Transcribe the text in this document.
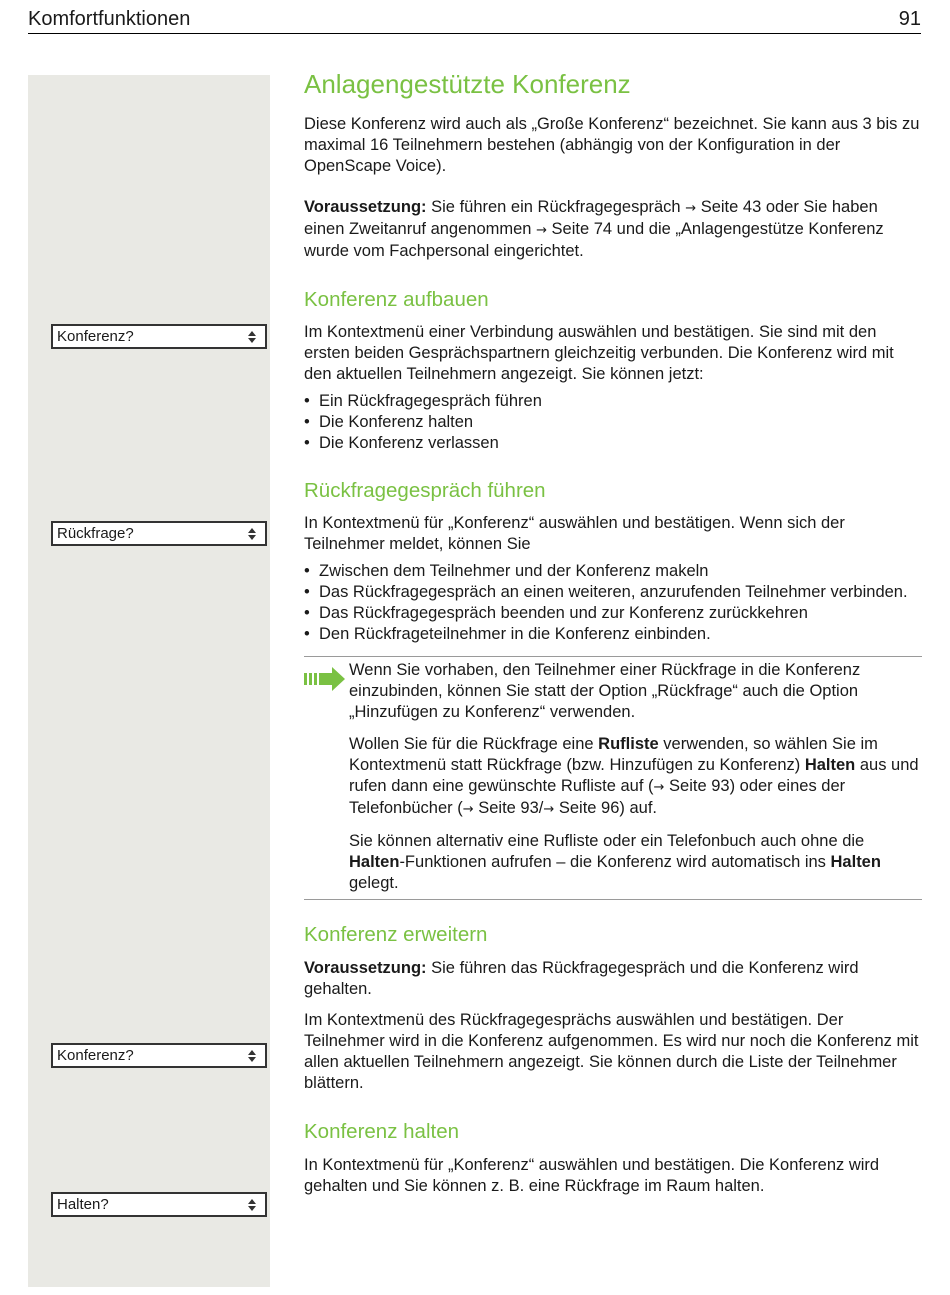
Komfortfunktionen	91
Konferenz?
Rückfrage?
Konferenz?
Halten?
Anlagengestützte Konferenz

Diese Konferenz wird auch als „Große Konferenz“ bezeichnet. Sie kann aus 3 bis zu maximal 16 Teilnehmern bestehen (abhängig von der Konfiguration in der OpenScape Voice).

Voraussetzung: Sie führen ein Rückfragegespräch → Seite 43 oder Sie haben einen Zweitanruf angenommen → Seite 74 und die „Anlagengestütze Konferenz wurde vom Fachpersonal eingerichtet.

Konferenz aufbauen

Im Kontextmenü einer Verbindung auswählen und bestätigen. Sie sind mit den ersten beiden Gesprächspartnern gleichzeitig verbunden. Die Konferenz wird mit den aktuellen Teilnehmern angezeigt. Sie können jetzt:

• Ein Rückfragegespräch führen
• Die Konferenz halten
• Die Konferenz verlassen
Rückfragegespräch führen

In Kontextmenü für „Konferenz“ auswählen und bestätigen. Wenn sich der Teilnehmer meldet, können Sie

• Zwischen dem Teilnehmer und der Konferenz makeln
• Das Rückfragegespräch an einen weiteren, anzurufenden Teilnehmer verbinden.
• Das Rückfragegespräch beenden und zur Konferenz zurückkehren
• Den Rückfrageteilnehmer in die Konferenz einbinden.

Wenn Sie vorhaben, den Teilnehmer einer Rückfrage in die Konferenz einzubinden, können Sie statt der Option „Rückfrage“ auch die Option „Hinzufügen zu Konferenz“ verwenden.

Wollen Sie für die Rückfrage eine Rufliste verwenden, so wählen Sie im Kontextmenü statt Rückfrage (bzw. Hinzufügen zu Konferenz) Halten aus und rufen dann eine gewünschte Rufliste auf (→ Seite 93) oder eines der Telefonbücher (→ Seite 93/→ Seite 96) auf.

Sie können alternativ eine Rufliste oder ein Telefonbuch auch ohne die Halten-Funktionen aufrufen – die Konferenz wird automatisch ins Halten gelegt.

Konferenz erweitern

Voraussetzung: Sie führen das Rückfragegespräch und die Konferenz wird gehalten.

Im Kontextmenü des Rückfragegesprächs auswählen und bestätigen. Der Teilnehmer wird in die Konferenz aufgenommen. Es wird nur noch die Konferenz mit allen aktuellen Teilnehmern angezeigt. Sie können durch die Liste der Teilnehmer blättern.

Konferenz halten

In Kontextmenü für „Konferenz“ auswählen und bestätigen. Die Konferenz wird gehalten und Sie können z. B. eine Rückfrage im Raum halten.
